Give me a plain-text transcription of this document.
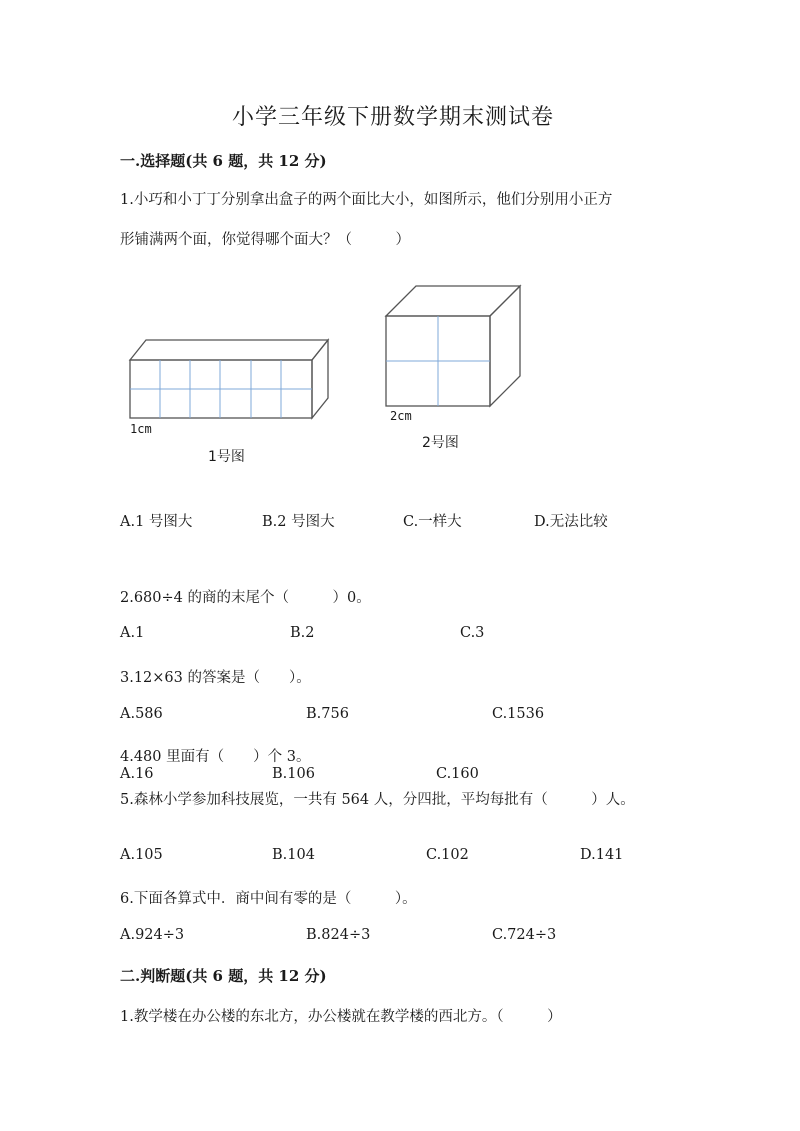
小学三年级下册数学期末测试卷
一.选择题(共 6 题，共 12 分)
1.小巧和小丁丁分别拿出盒子的两个面比大小，如图所示，他们分别用小正方
形铺满两个面，你觉得哪个面大？（　　　）
1cm
1号图
2cm
2号图
A.1 号图大	B.2 号图大	C.一样大	D.无法比较
2.680÷4 的商的末尾个（　　　）0。
A.1	B.2	C.3
3.12×63 的答案是（　　）。
A.586	B.756	C.1536
4.480 里面有（　　）个 3。
A.16	B.106	C.160
5.森林小学参加科技展览，一共有 564 人，分四批，平均每批有（　　　）人。
A.105	B.104	C.102	D.141
6.下面各算式中．商中间有零的是（　　　）。
A.924÷3	B.824÷3	C.724÷3
二.判断题(共 6 题，共 12 分)
1.教学楼在办公楼的东北方，办公楼就在教学楼的西北方。（　　　）
